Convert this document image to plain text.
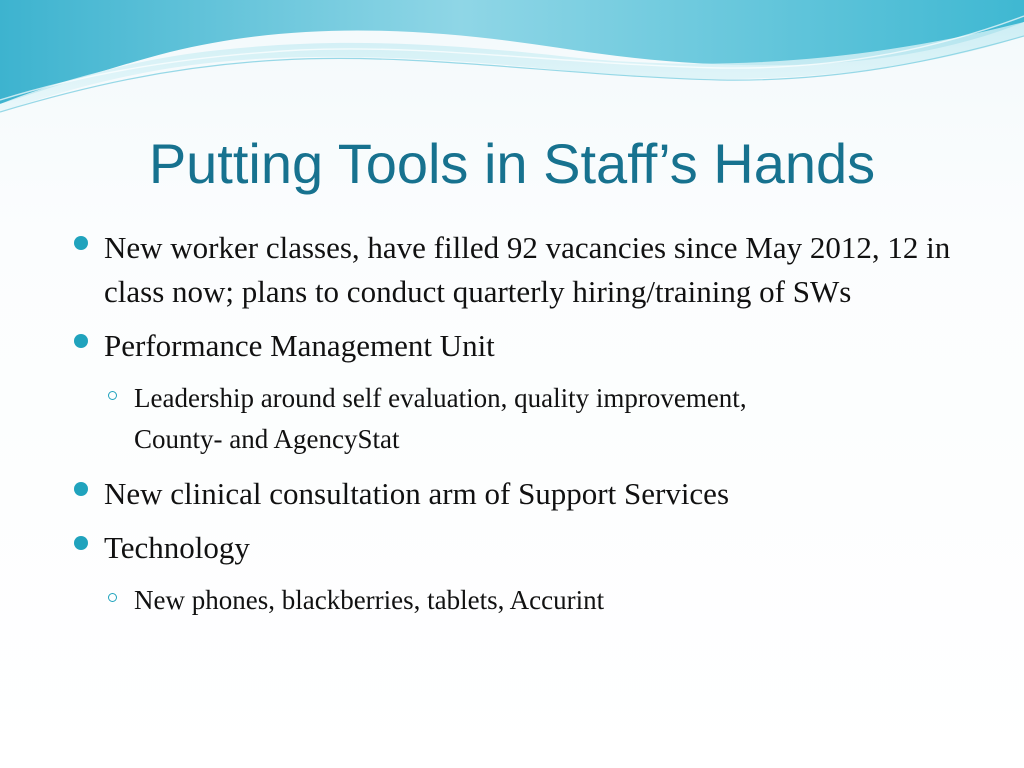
Putting Tools in Staff’s Hands
New worker classes, have filled 92 vacancies since May 2012, 12 in class now; plans to conduct quarterly hiring/training of SWs
Performance Management Unit
Leadership around self evaluation, quality improvement, County- and AgencyStat
New clinical consultation arm of Support Services
Technology
New phones, blackberries, tablets, Accurint
